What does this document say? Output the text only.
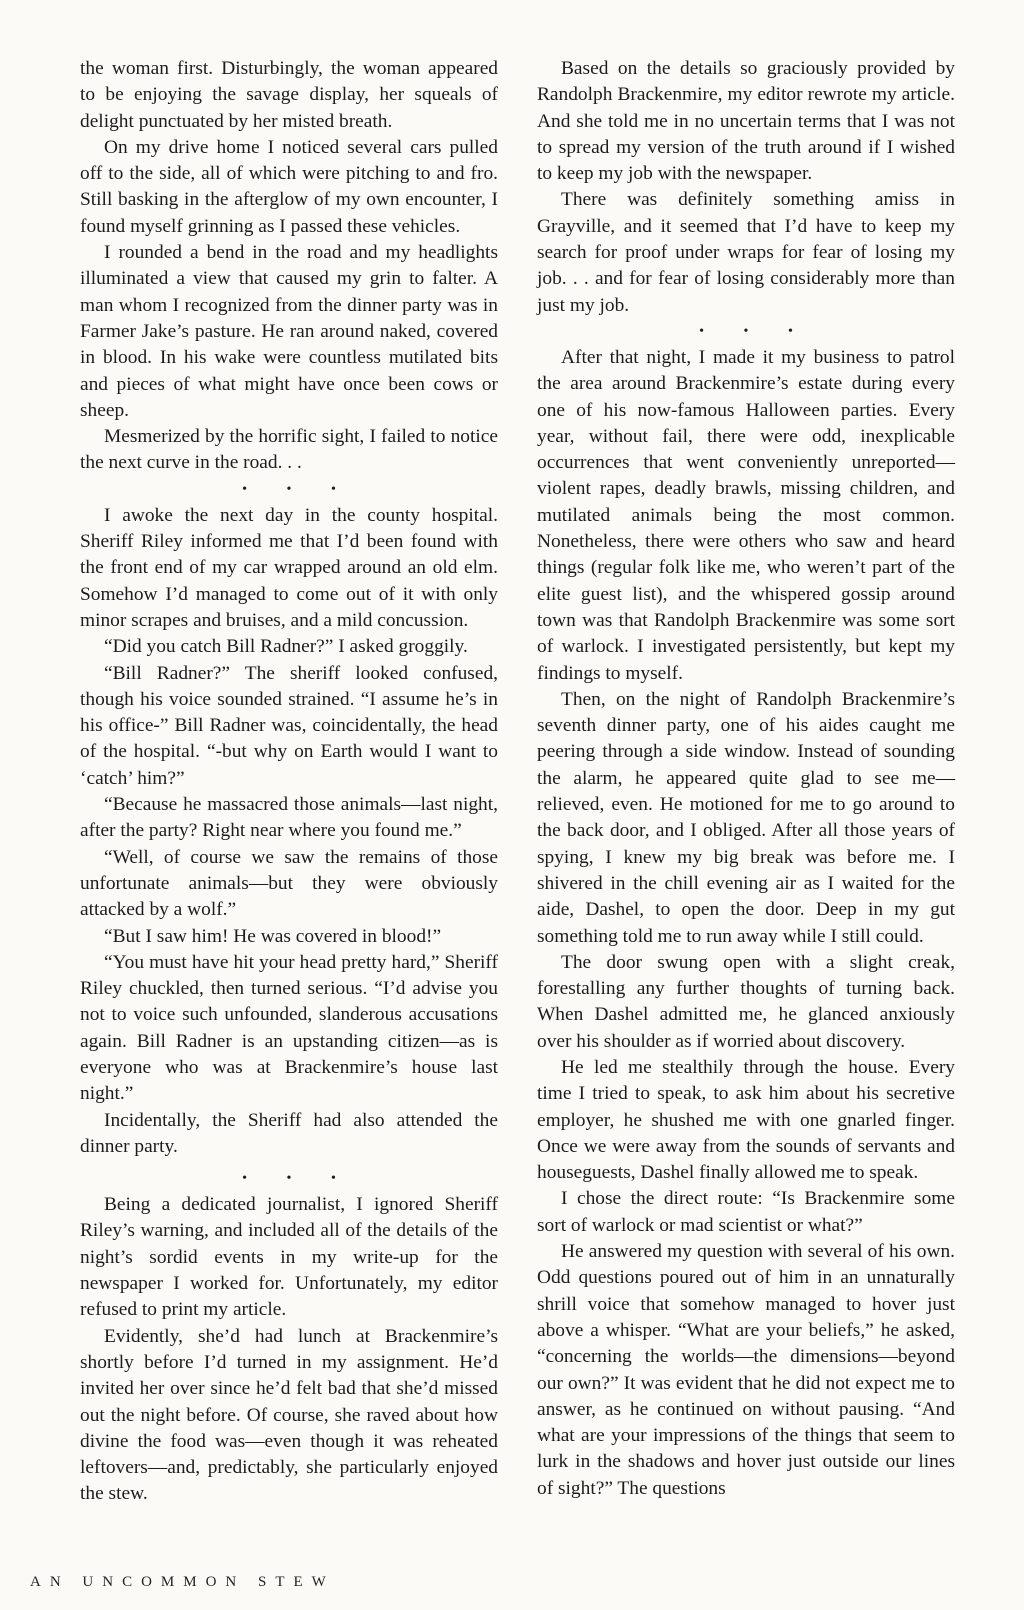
the woman first. Disturbingly, the woman appeared to be enjoying the savage display, her squeals of delight punctuated by her misted breath.

On my drive home I noticed several cars pulled off to the side, all of which were pitching to and fro. Still basking in the afterglow of my own encounter, I found myself grinning as I passed these vehicles.

I rounded a bend in the road and my headlights illuminated a view that caused my grin to falter. A man whom I recognized from the dinner party was in Farmer Jake’s pasture. He ran around naked, covered in blood. In his wake were countless mutilated bits and pieces of what might have once been cows or sheep.

Mesmerized by the horrific sight, I failed to notice the next curve in the road. . .

• • •

I awoke the next day in the county hospital. Sheriff Riley informed me that I’d been found with the front end of my car wrapped around an old elm. Somehow I’d managed to come out of it with only minor scrapes and bruises, and a mild concussion.

“Did you catch Bill Radner?” I asked groggily.

“Bill Radner?” The sheriff looked confused, though his voice sounded strained. “I assume he’s in his office-” Bill Radner was, coincidentally, the head of the hospital. “-but why on Earth would I want to ‘catch’ him?”

“Because he massacred those animals—last night, after the party? Right near where you found me.”

“Well, of course we saw the remains of those unfortunate animals—but they were obviously attacked by a wolf.”

“But I saw him! He was covered in blood!”

“You must have hit your head pretty hard,” Sheriff Riley chuckled, then turned serious. “I’d advise you not to voice such unfounded, slanderous accusations again. Bill Radner is an upstanding citizen—as is everyone who was at Brackenmire’s house last night.”

Incidentally, the Sheriff had also attended the dinner party.

• • •

Being a dedicated journalist, I ignored Sheriff Riley’s warning, and included all of the details of the night’s sordid events in my write-up for the newspaper I worked for. Unfortunately, my editor refused to print my article.

Evidently, she’d had lunch at Brackenmire’s shortly before I’d turned in my assignment. He’d invited her over since he’d felt bad that she’d missed out the night before. Of course, she raved about how divine the food was—even though it was reheated leftovers—and, predictably, she particularly enjoyed the stew.

Based on the details so graciously provided by Randolph Brackenmire, my editor rewrote my article. And she told me in no uncertain terms that I was not to spread my version of the truth around if I wished to keep my job with the newspaper.

There was definitely something amiss in Grayville, and it seemed that I’d have to keep my search for proof under wraps for fear of losing my job. . . and for fear of losing considerably more than just my job.

• • •

After that night, I made it my business to patrol the area around Brackenmire’s estate during every one of his now-famous Halloween parties. Every year, without fail, there were odd, inexplicable occurrences that went conveniently unreported—violent rapes, deadly brawls, missing children, and mutilated animals being the most common. Nonetheless, there were others who saw and heard things (regular folk like me, who weren’t part of the elite guest list), and the whispered gossip around town was that Randolph Brackenmire was some sort of warlock. I investigated persistently, but kept my findings to myself.

Then, on the night of Randolph Brackenmire’s seventh dinner party, one of his aides caught me peering through a side window. Instead of sounding the alarm, he appeared quite glad to see me—relieved, even. He motioned for me to go around to the back door, and I obliged. After all those years of spying, I knew my big break was before me. I shivered in the chill evening air as I waited for the aide, Dashel, to open the door. Deep in my gut something told me to run away while I still could.

The door swung open with a slight creak, forestalling any further thoughts of turning back. When Dashel admitted me, he glanced anxiously over his shoulder as if worried about discovery.

He led me stealthily through the house. Every time I tried to speak, to ask him about his secretive employer, he shushed me with one gnarled finger. Once we were away from the sounds of servants and houseguests, Dashel finally allowed me to speak.

I chose the direct route: “Is Brackenmire some sort of warlock or mad scientist or what?”

He answered my question with several of his own. Odd questions poured out of him in an unnaturally shrill voice that somehow managed to hover just above a whisper. “What are your beliefs,” he asked, “concerning the worlds—the dimensions—beyond our own?” It was evident that he did not expect me to answer, as he continued on without pausing. “And what are your impressions of the things that seem to lurk in the shadows and hover just outside our lines of sight?” The questions

AN UNCOMMON STEW
